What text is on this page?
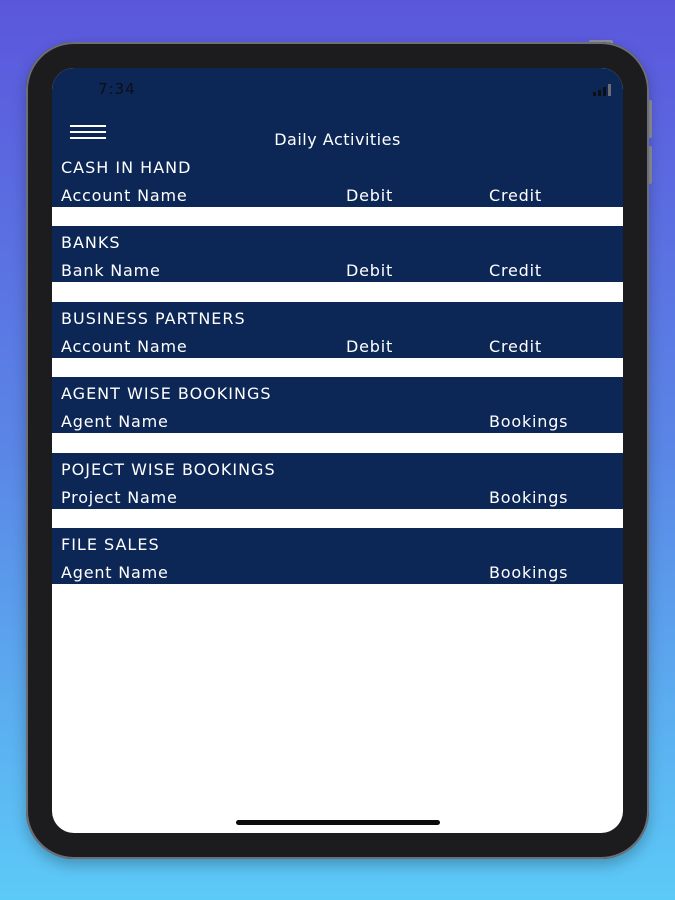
7:34
Daily Activities
CASH IN HAND
Account Name	Debit	Credit
BANKS
Bank Name	Debit	Credit
BUSINESS PARTNERS
Account Name	Debit	Credit
AGENT WISE BOOKINGS
Agent Name	Bookings
POJECT WISE BOOKINGS
Project Name	Bookings
FILE SALES
Agent Name	Bookings
